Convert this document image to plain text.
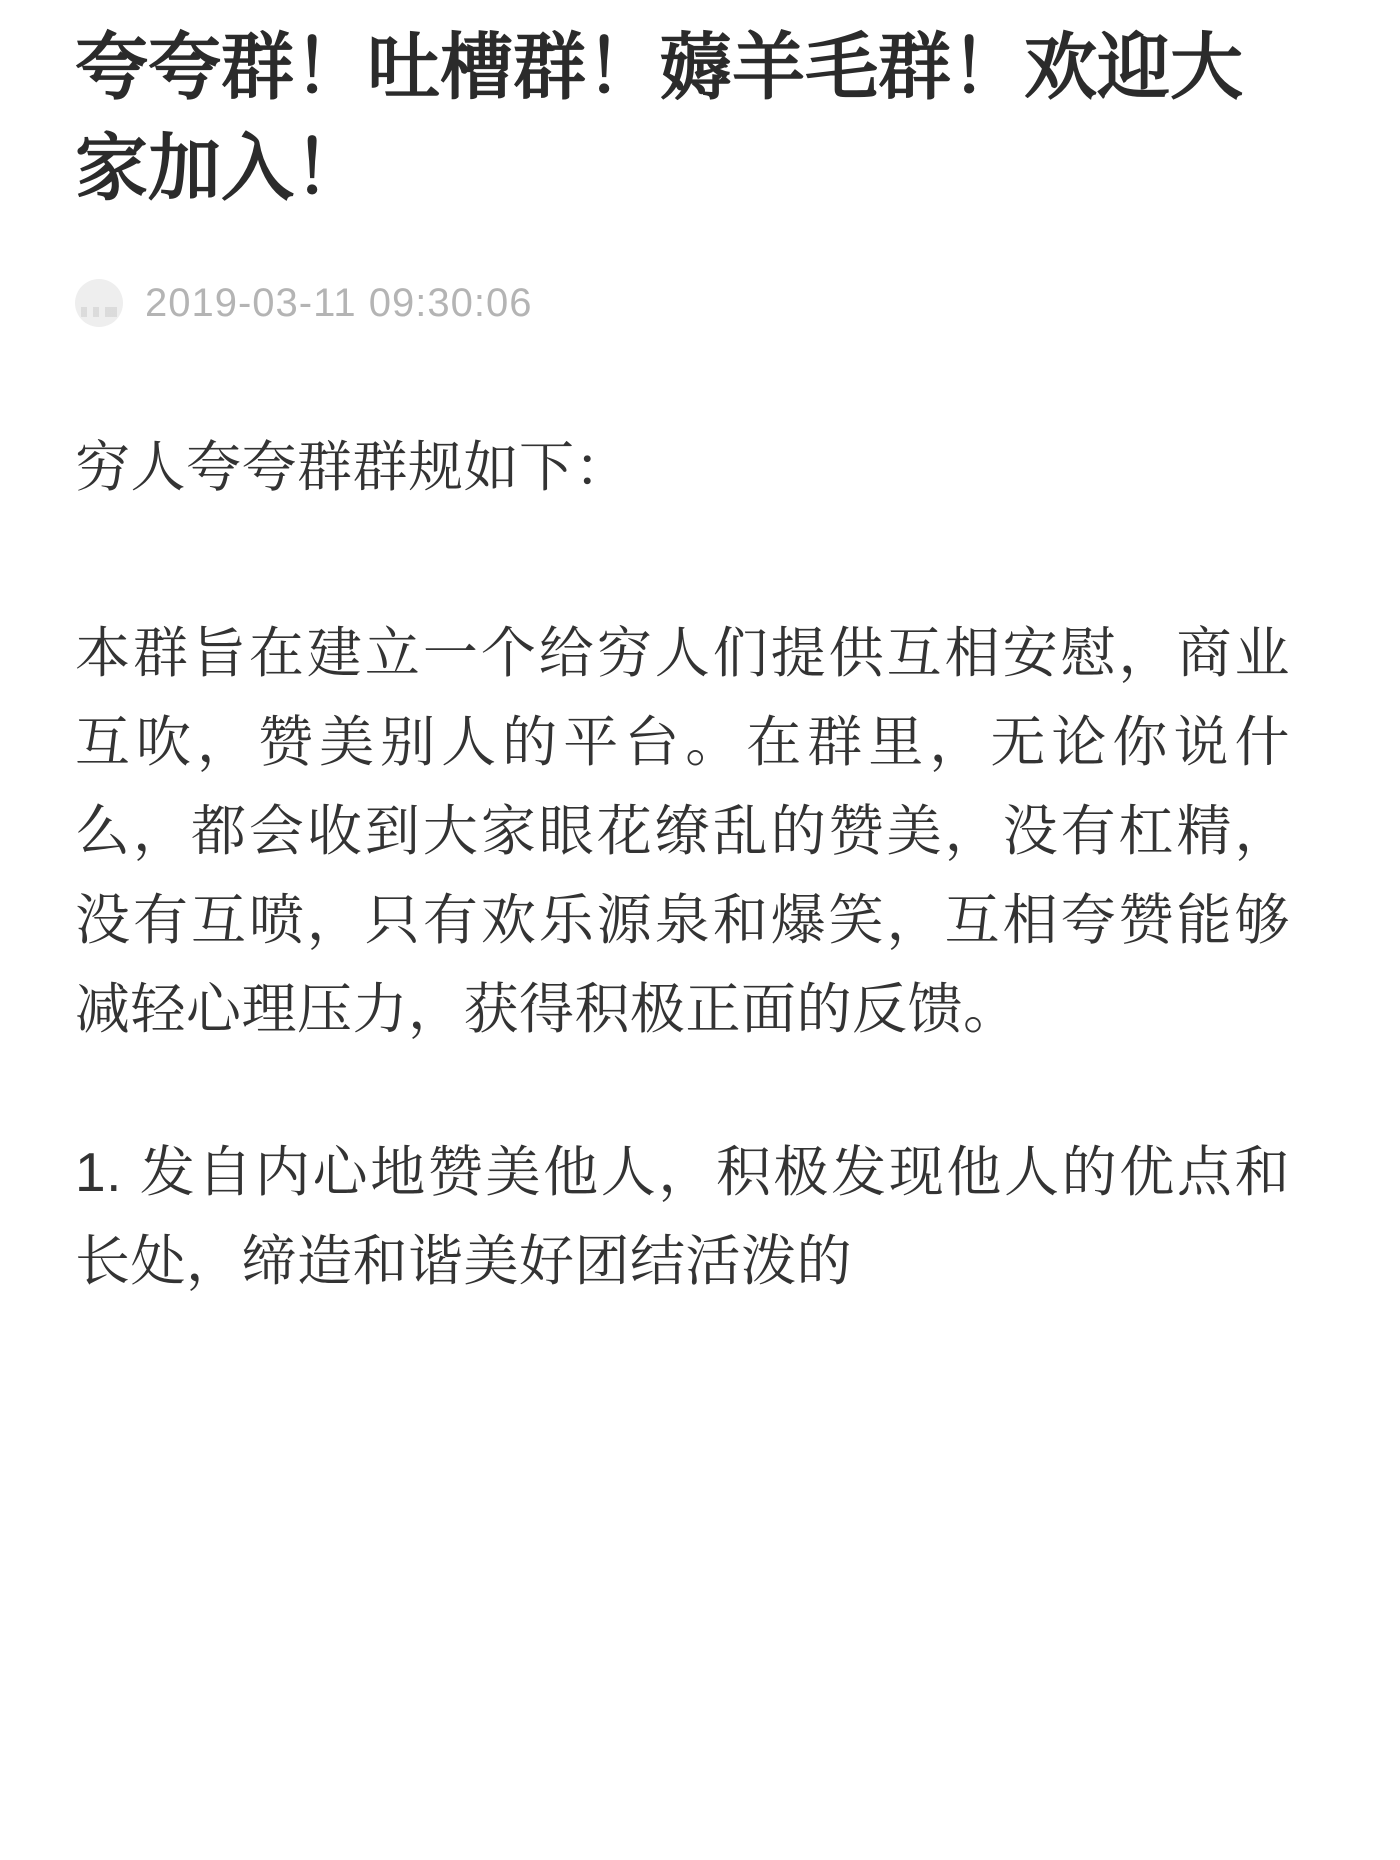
夸夸群！吐槽群！薅羊毛群！欢迎大家加入！
2019-03-11 09:30:06

穷人夸夸群群规如下：

本群旨在建立一个给穷人们提供互相安慰，商业互吹，赞美别人的平台。在群里，无论你说什么，都会收到大家眼花缭乱的赞美，没有杠精，没有互喷，只有欢乐源泉和爆笑，互相夸赞能够减轻心理压力，获得积极正面的反馈。

1. 发自内心地赞美他人，积极发现他人的优点和长处，缔造和谐美好团结活泼的
